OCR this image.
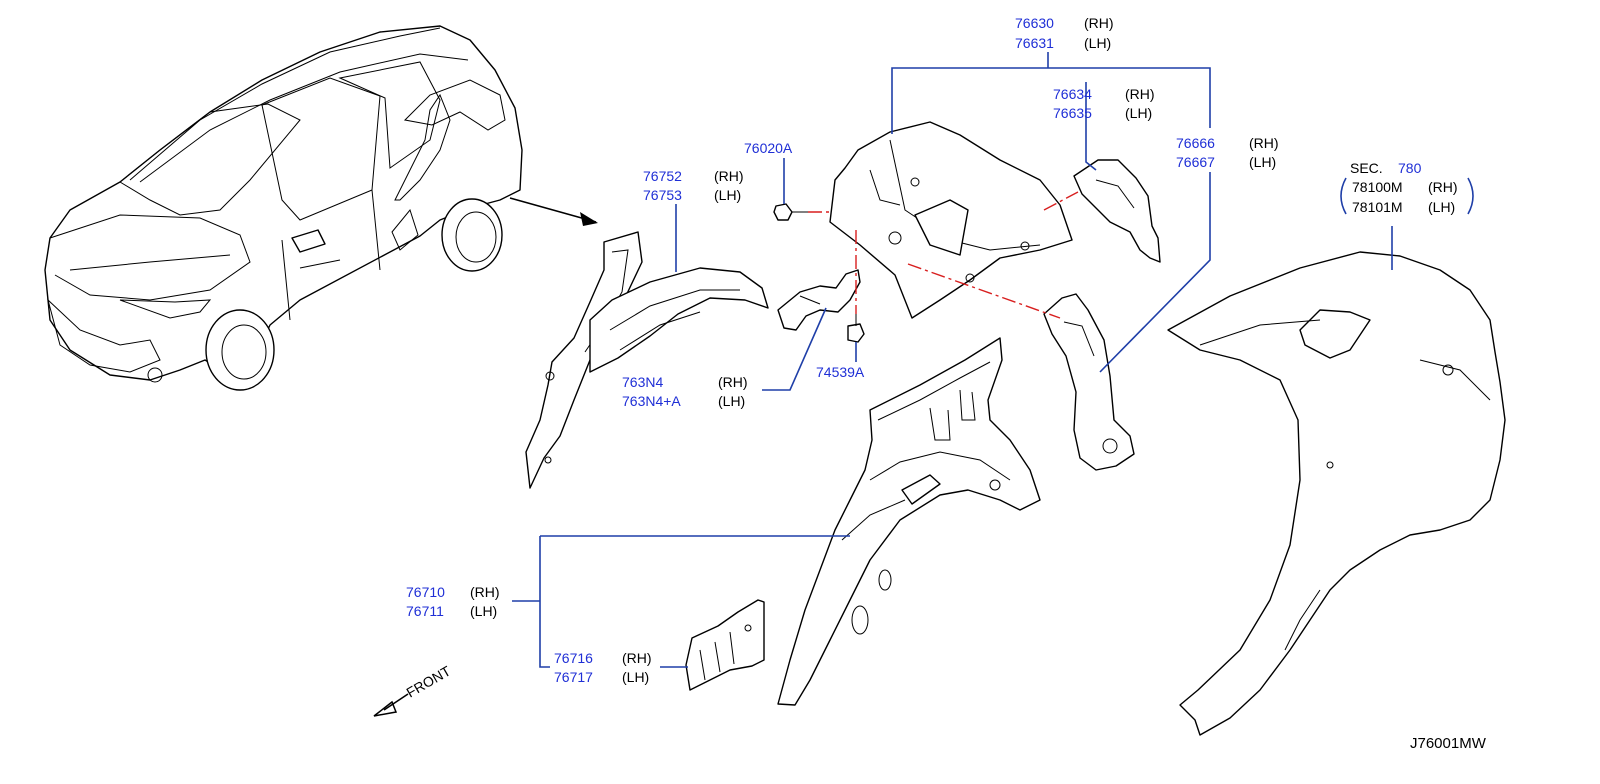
76630 (RH)
76631 (LH)
76634 (RH)
76635 (LH)
76666 (RH)
76667 (LH)
76020A
76752 (RH)
76753 (LH)
SEC. 780
78100M (RH)
78101M (LH)
763N4	(RH)
763N4+A	(LH)
74539A
76710 (RH)
76711 (LH)
76716 (RH)
76717 (LH)
FRONT
J76001MW
